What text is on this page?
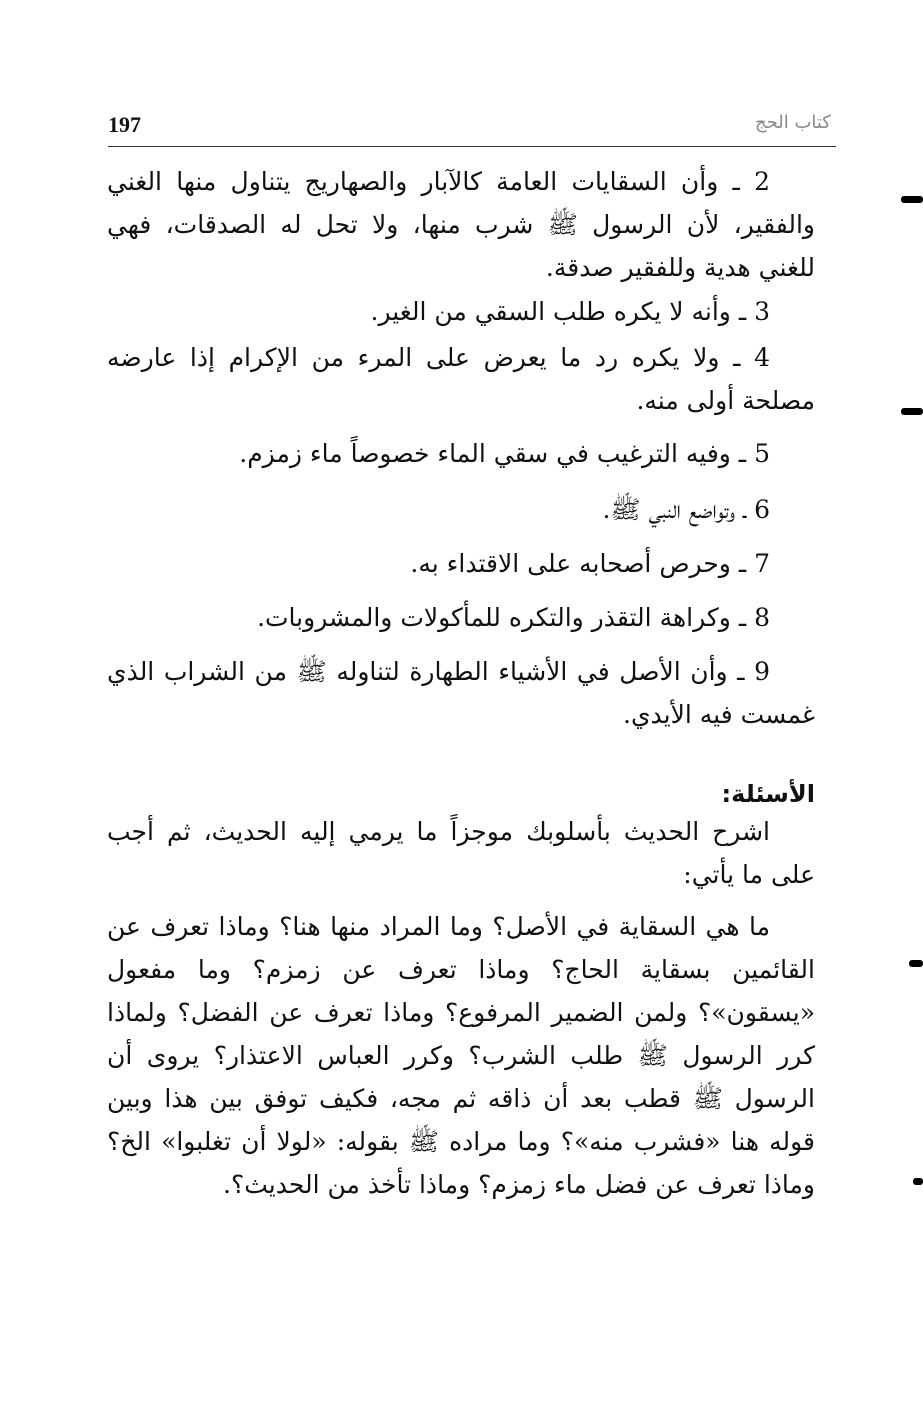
197	كتاب الحج

2 ـ وأن السقايات العامة كالآبار والصهاريج يتناول منها الغني والفقير، لأن الرسول ﷺ شرب منها، ولا تحل له الصدقات، فهي للغني هدية وللفقير صدقة.

3 ـ وأنه لا يكره طلب السقي من الغير.

4 ـ ولا يكره رد ما يعرض على المرء من الإكرام إذا عارضه مصلحة أولى منه.

5 ـ وفيه الترغيب في سقي الماء خصوصاً ماء زمزم.

6 ـ وتواضع النبي ﷺ.

7 ـ وحرص أصحابه على الاقتداء به.

8 ـ وكراهة التقذر والتكره للمأكولات والمشروبات.

9 ـ وأن الأصل في الأشياء الطهارة لتناوله ﷺ من الشراب الذي غمست فيه الأيدي.

الأسئلة:

اشرح الحديث بأسلوبك موجزاً ما يرمي إليه الحديث، ثم أجب على ما يأتي:

ما هي السقاية في الأصل؟ وما المراد منها هنا؟ وماذا تعرف عن القائمين بسقاية الحاج؟ وماذا تعرف عن زمزم؟ وما مفعول «يسقون»؟ ولمن الضمير المرفوع؟ وماذا تعرف عن الفضل؟ ولماذا كرر الرسول ﷺ طلب الشرب؟ وكرر العباس الاعتذار؟ يروى أن الرسول ﷺ قطب بعد أن ذاقه ثم مجه، فكيف توفق بين هذا وبين قوله هنا «فشرب منه»؟ وما مراده ﷺ بقوله: «لولا أن تغلبوا» الخ؟ وماذا تعرف عن فضل ماء زمزم؟ وماذا تأخذ من الحديث؟.
